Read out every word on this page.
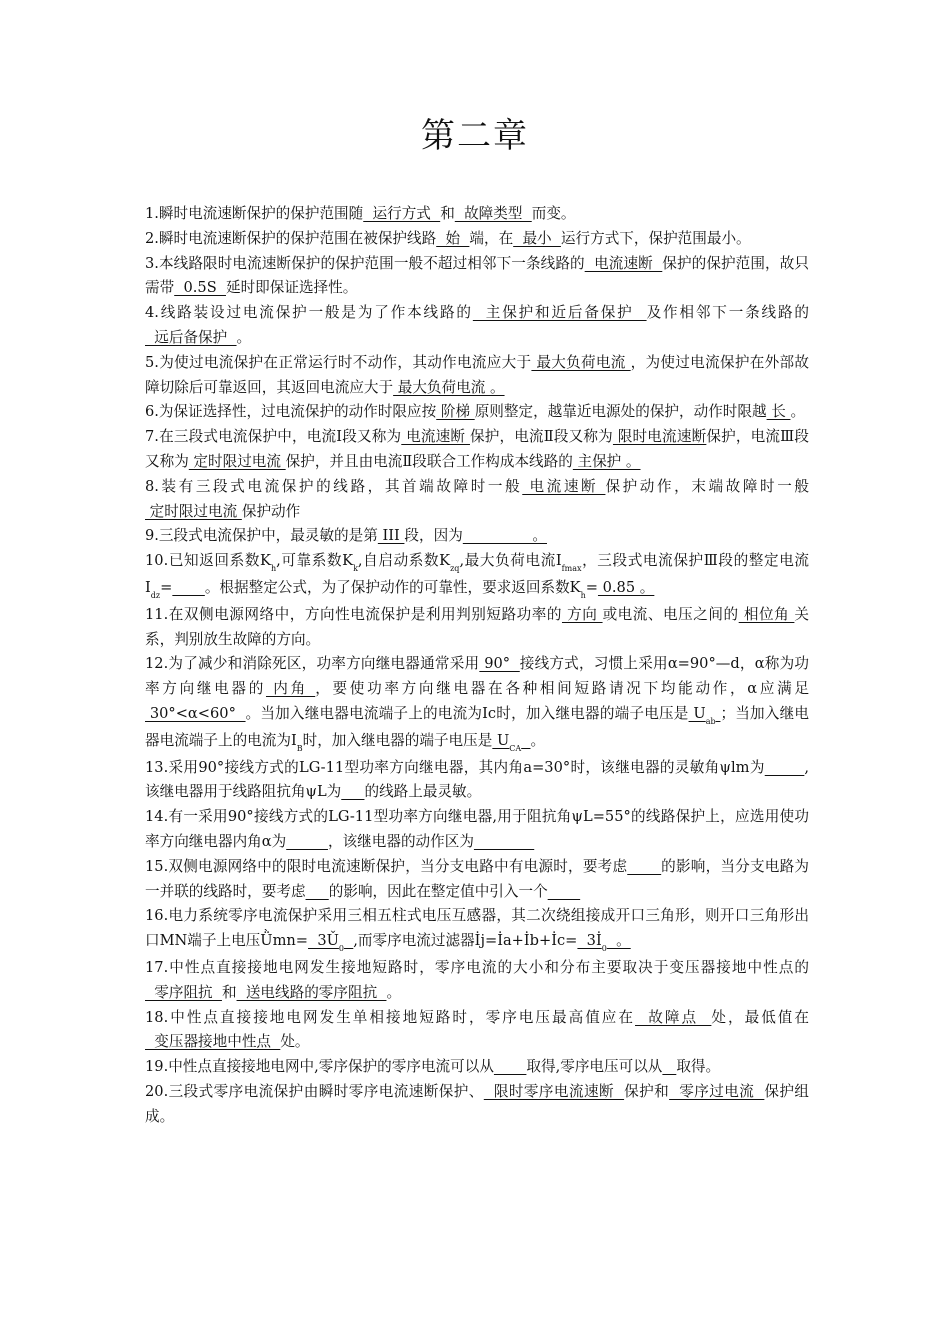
第二章

1.瞬时电流速断保护的保护范围随  运行方式  和  故障类型  而变。

2.瞬时电流速断保护的保护范围在被保护线路  始  端，在  最小  运行方式下，保护范围最小。

3.本线路限时电流速断保护的保护范围一般不超过相邻下一条线路的  电流速断  保护的保护范围，故只需带  0.5S  延时即保证选择性。

4.线路装设过电流保护一般是为了作本线路的  主保护和近后备保护  及作相邻下一条线路的  远后备保护  。

5.为使过电流保护在正常运行时不动作，其动作电流应大于 最大负荷电流 ，为使过电流保护在外部故障切除后可靠返回，其返回电流应大于 最大负荷电流 。

6.为保证选择性，过电流保护的动作时限应按 阶梯 原则整定，越靠近电源处的保护，动作时限越 长 。

7.在三段式电流保护中，电流Ⅰ段又称为 电流速断 保护，电流Ⅱ段又称为 限时电流速断保护，电流Ⅲ段又称为 定时限过电流 保护，并且由电流Ⅱ段联合工作构成本线路的 主保护 。

8.装有三段式电流保护的线路，其首端故障时一般 电流速断 保护动作，末端故障时一般 定时限过电流 保护动作

9.三段式电流保护中，最灵敏的是第 III 段，因为               。

10.已知返回系数$K_h$,可靠系数$K_k$,自启动系数$K_{zq}$,最大负荷电流$I_{fmax}$，三段式电流保护Ⅲ段的整定电流$I_{dz}=$ 。根据整定公式，为了保护动作的可靠性，要求返回系数$K_h= 0.85$ 。

11.在双侧电源网络中，方向性电流保护是利用判别短路功率的 方向 或电流、电压之间的 相位角 关系，判别放生故障的方向。

12.为了减少和消除死区，功率方向继电器通常采用 90°  接线方式，习惯上采用α=90°—d，α称为功率方向继电器的 内角 ，要使功率方向继电器在各种相间短路请况下均能动作，α应满足 30°<α<60°  。当加入继电器电流端子上的电流为Ic时，加入继电器的端子电压是 $U_{ab}$ ；当加入继电器电流端子上的电流为$I_B$时，加入继电器的端子电压是 $U_{CA}$ 。

13.采用90°接线方式的LG-11型功率方向继电器，其内角a=30°时，该继电器的灵敏角ψlm为	,该继电器用于线路阻抗角ψL为 的线路上最灵敏。

14.有一采用90°接线方式的LG-11型功率方向继电器,用于阻抗角ψL=55°的线路保护上，应选用使功率方向继电器内角α为	，该继电器的动作区为

15.双侧电源网络中的限时电流速断保护，当分支电路中有电源时，要考虑 的影响，当分支电路为一并联的线路时，要考虑 的影响，因此在整定值中引入一个

16.电力系统零序电流保护采用三相五柱式电压互感器，其二次绕组接成开口三角形，则开口三角形出口MN端子上电压Ǜmn=  $3Ǔ_0$ ,而零序电流过滤器İj=İa+İb+İc=  $3İ_0$  。

17.中性点直接接地电网发生接地短路时，零序电流的大小和分布主要取决于变压器接地中性点的  零序阻抗  和  送电线路的零序阻抗  。

18.中性点直接接地电网发生单相接地短路时，零序电压最高值应在  故障点  处，最低值在  变压器接地中性点  处。

19.中性点直接接地电网中,零序保护的零序电流可以从 取得,零序电压可以从 取得。

20.三段式零序电流保护由瞬时零序电流速断保护、  限时零序电流速断  保护和  零序过电流  保护组成。
